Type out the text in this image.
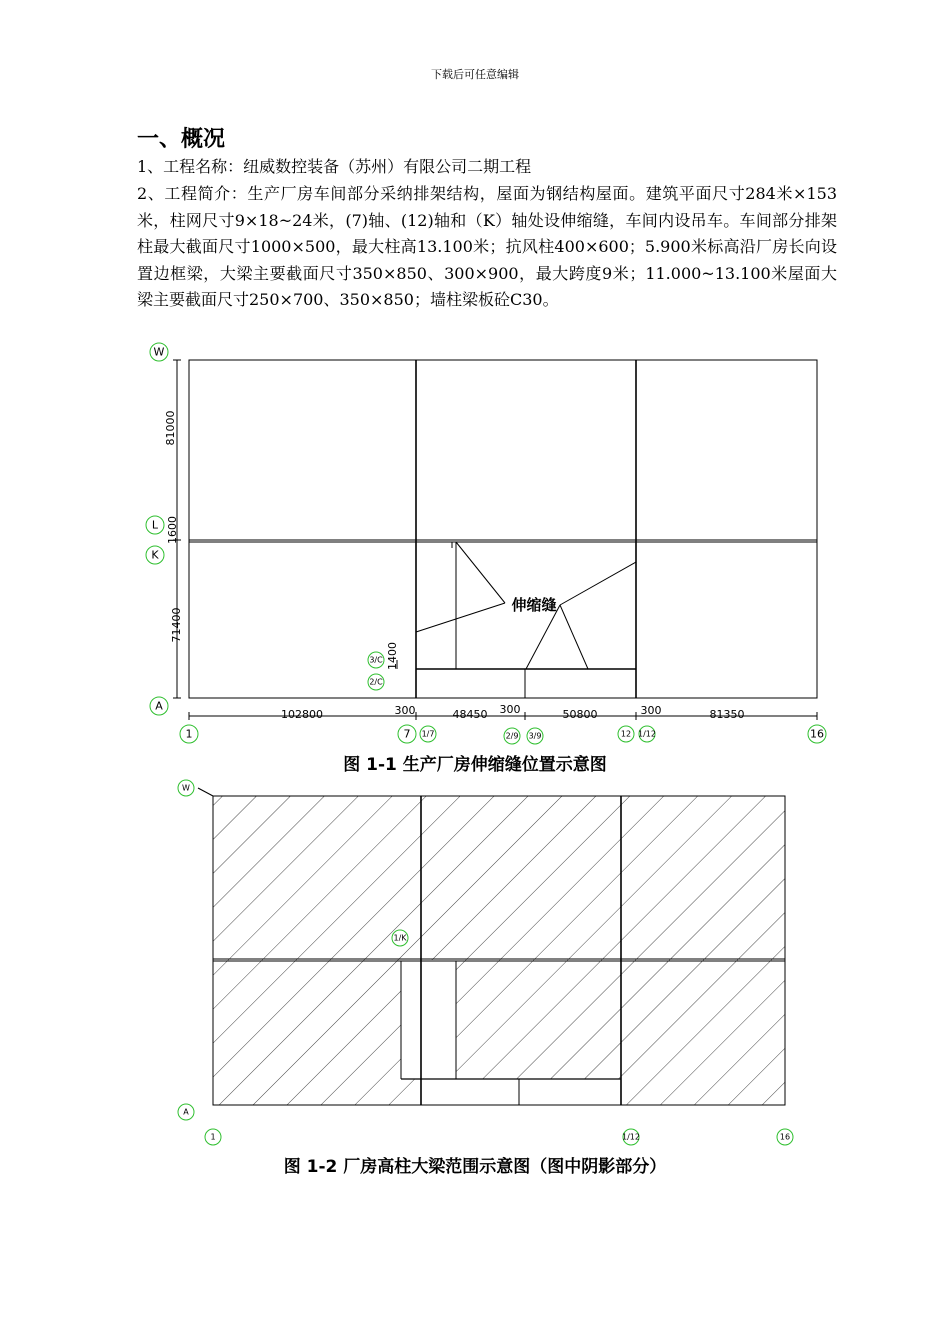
下载后可任意编辑
一、概况
1、工程名称：纽威数控装备（苏州）有限公司二期工程
2、工程简介：生产厂房车间部分采纳排架结构，屋面为钢结构屋面。建筑平面尺寸284米×153米，柱网尺寸9×18~24米，(7)轴、(12)轴和（K）轴处设伸缩缝，车间内设吊车。车间部分排架柱最大截面尺寸1000×500，最大柱高13.100米；抗风柱400×600；5.900米标高沿厂房长向设置边框梁，大梁主要截面尺寸350×850、300×900，最大跨度9米；11.000~13.100米屋面大梁主要截面尺寸250×700、350×850；墙柱梁板砼C30。
W
L
K
A
3/C
2/C
1	7 1/7	2/9 3/9	12 1/12	16
81000
1600
71400
1400
102800	300	48450 300	50800	300	81350
伸缩缝
图 1-1 生产厂房伸缩缝位置示意图
W
1/K
A
1	1/12	16
图 1-2 厂房高柱大梁范围示意图（图中阴影部分）
